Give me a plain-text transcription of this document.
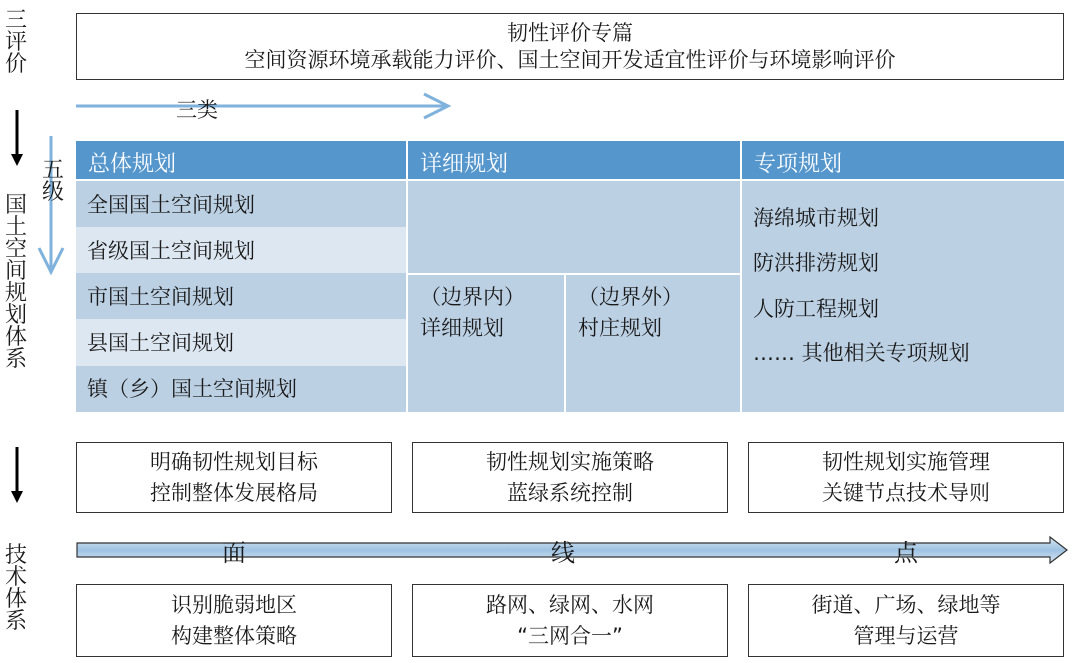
三评价
国土空间规划体系
技术体系
韧性评价专篇
空间资源环境承载能力评价、国土空间开发适宜性评价与环境影响评价
三类
五级
总体规划	详细规划	专项规划
全国国土空间规划
省级国土空间规划
市国土空间规划
县国土空间规划
镇（乡）国土空间规划
（边界内）
详细规划
（边界外）
村庄规划
海绵城市规划
防洪排涝规划
人防工程规划
…… 其他相关专项规划
明确韧性规划目标
控制整体发展格局
韧性规划实施策略
蓝绿系统控制
韧性规划实施管理
关键节点技术导则
面	线	点
识别脆弱地区
构建整体策略
路网、绿网、水网
“三网合一”
街道、广场、绿地等
管理与运营
